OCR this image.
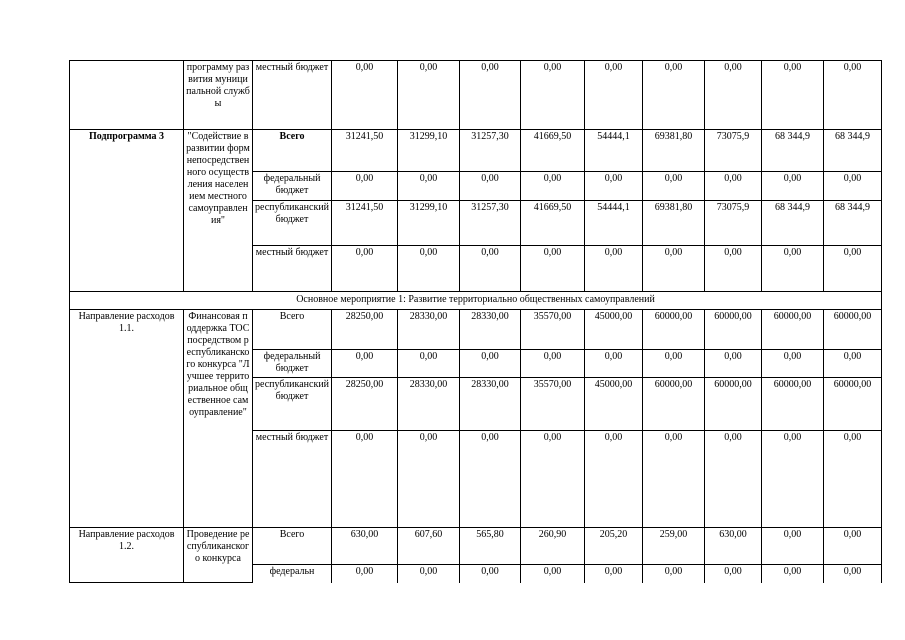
	программу развития муниципальной службы	местный бюджет	0,00	0,00	0,00	0,00	0,00	0,00	0,00	0,00	0,00
Подпрограмма 3	"Содействие в развитии форм непосредственного осуществления населением местного самоуправления"	Всего	31241,50	31299,10	31257,30	41669,50	54444,1	69381,80	73075,9	68 344,9	68 344,9
		федеральный бюджет	0,00	0,00	0,00	0,00	0,00	0,00	0,00	0,00	0,00
		республиканский бюджет	31241,50	31299,10	31257,30	41669,50	54444,1	69381,80	73075,9	68 344,9	68 344,9
		местный бюджет	0,00	0,00	0,00	0,00	0,00	0,00	0,00	0,00	0,00
Основное мероприятие 1: Развитие территориально общественных самоуправлений											
Направление расходов 1.1.	Финансовая поддержка ТОС посредством республиканского конкурса "Лучшее территориальное общественное самоуправление"	Всего	28250,00	28330,00	28330,00	35570,00	45000,00	60000,00	60000,00	60000,00	60000,00
		федеральный бюджет	0,00	0,00	0,00	0,00	0,00	0,00	0,00	0,00	0,00
		республиканский бюджет	28250,00	28330,00	28330,00	35570,00	45000,00	60000,00	60000,00	60000,00	60000,00
		местный бюджет	0,00	0,00	0,00	0,00	0,00	0,00	0,00	0,00	0,00
Направление расходов 1.2.	Проведение республиканского конкурса	Всего	630,00	607,60	565,80	260,90	205,20	259,00	630,00	0,00	0,00
		федеральн	0,00	0,00	0,00	0,00	0,00	0,00	0,00	0,00	0,00
